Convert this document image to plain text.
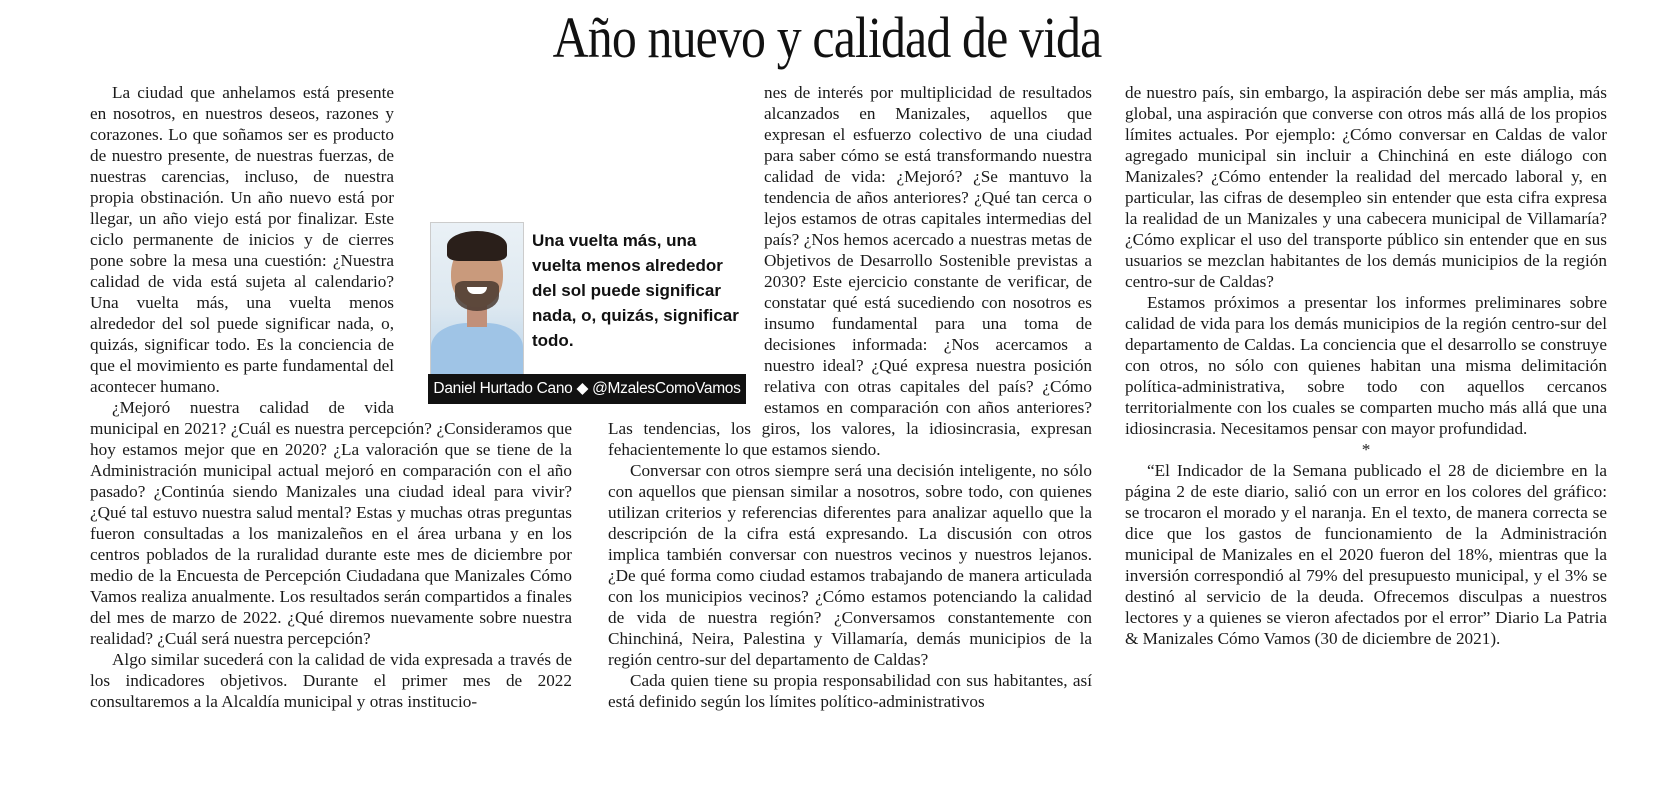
Año nuevo y calidad de vida

La ciudad que anhelamos está presente en nosotros, en nuestros deseos, razones y corazones. Lo que soñamos ser es producto de nuestro presente, de nuestras fuerzas, de nuestras carencias, incluso, de nuestra propia obstinación. Un año nuevo está por llegar, un año viejo está por finalizar. Este ciclo permanente de inicios y de cierres pone sobre la mesa una cuestión: ¿Nuestra calidad de vida está sujeta al calendario? Una vuelta más, una vuelta menos alrededor del sol puede significar nada, o, quizás, significar todo. Es la conciencia de que el movimiento es parte fundamental del acontecer humano.

¿Mejoró nuestra calidad de vida municipal en 2021? ¿Cuál es nuestra percepción? ¿Consideramos que hoy estamos mejor que en 2020? ¿La valoración que se tiene de la Administración municipal actual mejoró en comparación con el año pasado? ¿Continúa siendo Manizales una ciudad ideal para vivir? ¿Qué tal estuvo nuestra salud mental? Estas y muchas otras preguntas fueron consultadas a los manizaleños en el área urbana y en los centros poblados de la ruralidad durante este mes de diciembre por medio de la Encuesta de Percepción Ciudadana que Manizales Cómo Vamos realiza anualmente. Los resultados serán compartidos a finales del mes de marzo de 2022. ¿Qué diremos nuevamente sobre nuestra realidad? ¿Cuál será nuestra percepción?

Algo similar sucederá con la calidad de vida expresada a través de los indicadores objetivos. Durante el primer mes de 2022 consultaremos a la Alcaldía municipal y otras institucio-

nes de interés por multiplicidad de resultados alcanzados en Manizales, aquellos que expresan el esfuerzo colectivo de una ciudad para saber cómo se está transformando nuestra calidad de vida: ¿Mejoró? ¿Se mantuvo la tendencia de años anteriores? ¿Qué tan cerca o lejos estamos de otras capitales intermedias del país? ¿Nos hemos acercado a nuestras metas de Objetivos de Desarrollo Sostenible previstas a 2030? Este ejercicio constante de verificar, de constatar qué está sucediendo con nosotros es insumo fundamental para una toma de decisiones informada: ¿Nos acercamos a nuestro ideal? ¿Qué expresa nuestra posición relativa con otras capitales del país? ¿Cómo estamos en comparación con años anteriores? Las tendencias, los giros, los valores, la idiosincrasia, expresan fehacientemente lo que estamos siendo.

Conversar con otros siempre será una decisión inteligente, no sólo con aquellos que piensan similar a nosotros, sobre todo, con quienes utilizan criterios y referencias diferentes para analizar aquello que la descripción de la cifra está expresando. La discusión con otros implica también conversar con nuestros vecinos y nuestros lejanos. ¿De qué forma como ciudad estamos trabajando de manera articulada con los municipios vecinos? ¿Cómo estamos potenciando la calidad de vida de nuestra región? ¿Conversamos constantemente con Chinchiná, Neira, Palestina y Villamaría, demás municipios de la región centro-sur del departamento de Caldas?

Cada quien tiene su propia responsabilidad con sus habitantes, así está definido según los límites político-administrativos

de nuestro país, sin embargo, la aspiración debe ser más amplia, más global, una aspiración que converse con otros más allá de los propios límites actuales. Por ejemplo: ¿Cómo conversar en Caldas de valor agregado municipal sin incluir a Chinchiná en este diálogo con Manizales? ¿Cómo entender la realidad del mercado laboral y, en particular, las cifras de desempleo sin entender que esta cifra expresa la realidad de un Manizales y una cabecera municipal de Villamaría? ¿Cómo explicar el uso del transporte público sin entender que en sus usuarios se mezclan habitantes de los demás municipios de la región centro-sur de Caldas?

Estamos próximos a presentar los informes preliminares sobre calidad de vida para los demás municipios de la región centro-sur del departamento de Caldas. La conciencia que el desarrollo se construye con otros, no sólo con quienes habitan una misma delimitación política-administrativa, sobre todo con aquellos cercanos territorialmente con los cuales se comparten mucho más allá que una idiosincrasia. Necesitamos pensar con mayor profundidad.

*

“El Indicador de la Semana publicado el 28 de diciembre en la página 2 de este diario, salió con un error en los colores del gráfico: se trocaron el morado y el naranja. En el texto, de manera correcta se dice que los gastos de funcionamiento de la Administración municipal de Manizales en el 2020 fueron del 18%, mientras que la inversión correspondió al 79% del presupuesto municipal, y el 3% se destinó al servicio de la deuda. Ofrecemos disculpas a nuestros lectores y a quienes se vieron afectados por el error” Diario La Patria & Manizales Cómo Vamos (30 de diciembre de 2021).

Una vuelta más, una vuelta menos alrededor del sol puede significar nada, o, quizás, significar todo.
Daniel Hurtado Cano ◆ @MzalesComoVamos
